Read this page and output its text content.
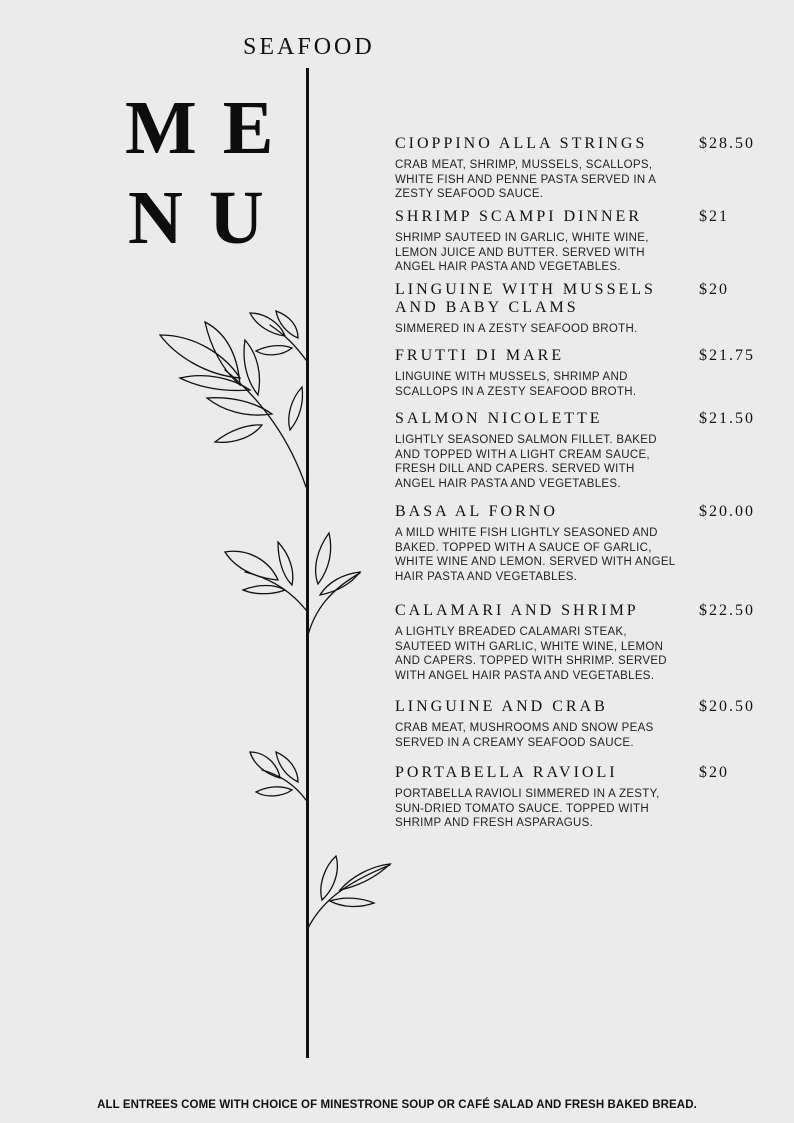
SEAFOOD
ME
NU
CIOPPINO ALLA STRINGS	$28.50
CRAB MEAT, SHRIMP, MUSSELS, SCALLOPS, WHITE FISH AND PENNE PASTA SERVED IN A ZESTY SEAFOOD SAUCE.
SHRIMP SCAMPI DINNER	$21
SHRIMP SAUTEED IN GARLIC, WHITE WINE, LEMON JUICE AND BUTTER. SERVED WITH ANGEL HAIR PASTA AND VEGETABLES.
LINGUINE WITH MUSSELS AND BABY CLAMS
$20
SIMMERED IN A ZESTY SEAFOOD BROTH.
FRUTTI DI MARE	$21.75
LINGUINE WITH MUSSELS, SHRIMP AND SCALLOPS IN A ZESTY SEAFOOD BROTH.
SALMON NICOLETTE	$21.50
LIGHTLY SEASONED SALMON FILLET. BAKED AND TOPPED WITH A LIGHT CREAM SAUCE, FRESH DILL AND CAPERS. SERVED WITH ANGEL HAIR PASTA AND VEGETABLES.
BASA AL FORNO	$20.00
A MILD WHITE FISH LIGHTLY SEASONED AND BAKED. TOPPED WITH A SAUCE OF GARLIC, WHITE WINE AND LEMON. SERVED WITH ANGEL HAIR PASTA AND VEGETABLES.
CALAMARI AND SHRIMP	$22.50
A LIGHTLY BREADED CALAMARI STEAK, SAUTEED WITH GARLIC, WHITE WINE, LEMON AND CAPERS. TOPPED WITH SHRIMP. SERVED WITH ANGEL HAIR PASTA AND VEGETABLES.
LINGUINE AND CRAB	$20.50
CRAB MEAT, MUSHROOMS AND SNOW PEAS SERVED IN A CREAMY SEAFOOD SAUCE.
PORTABELLA RAVIOLI	$20
PORTABELLA RAVIOLI SIMMERED IN A ZESTY, SUN-DRIED TOMATO SAUCE. TOPPED WITH SHRIMP AND FRESH ASPARAGUS.
ALL ENTREES COME WITH CHOICE OF MINESTRONE SOUP OR CAFÉ SALAD AND FRESH BAKED BREAD.
